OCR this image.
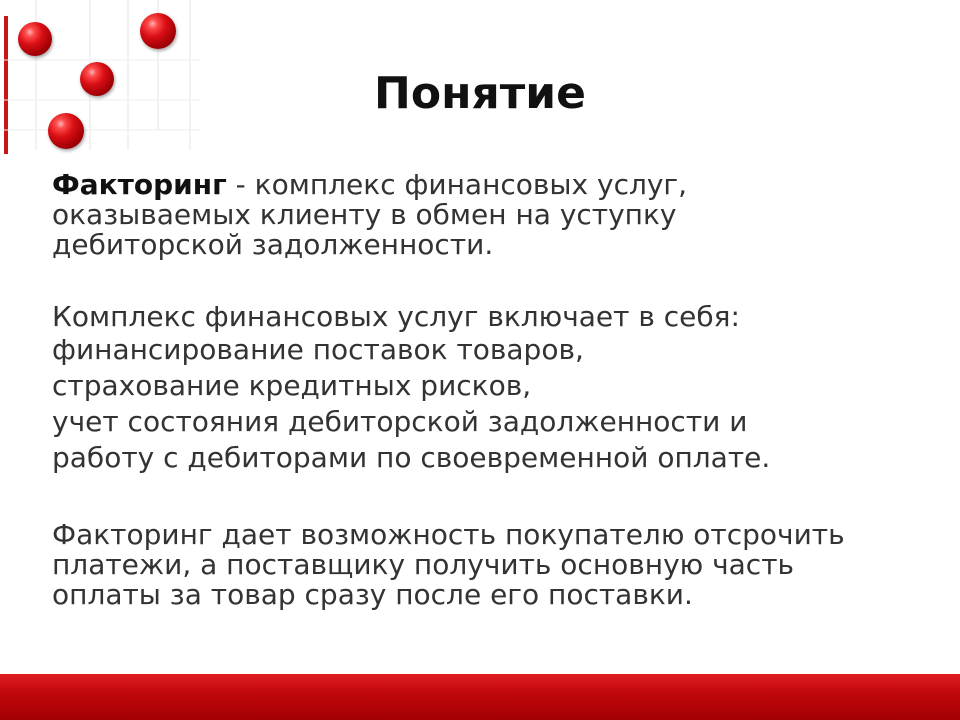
Понятие
Факторинг - комплекс финансовых услуг,
оказываемых клиенту в обмен на уступку
дебиторской задолженности.
Комплекс финансовых услуг включает в себя:
финансирование поставок товаров,
страхование кредитных рисков,
учет состояния дебиторской задолженности и
работу с дебиторами по своевременной оплате.
Факторинг дает возможность покупателю отсрочить
платежи, а поставщику получить основную часть
оплаты за товар сразу после его поставки.
